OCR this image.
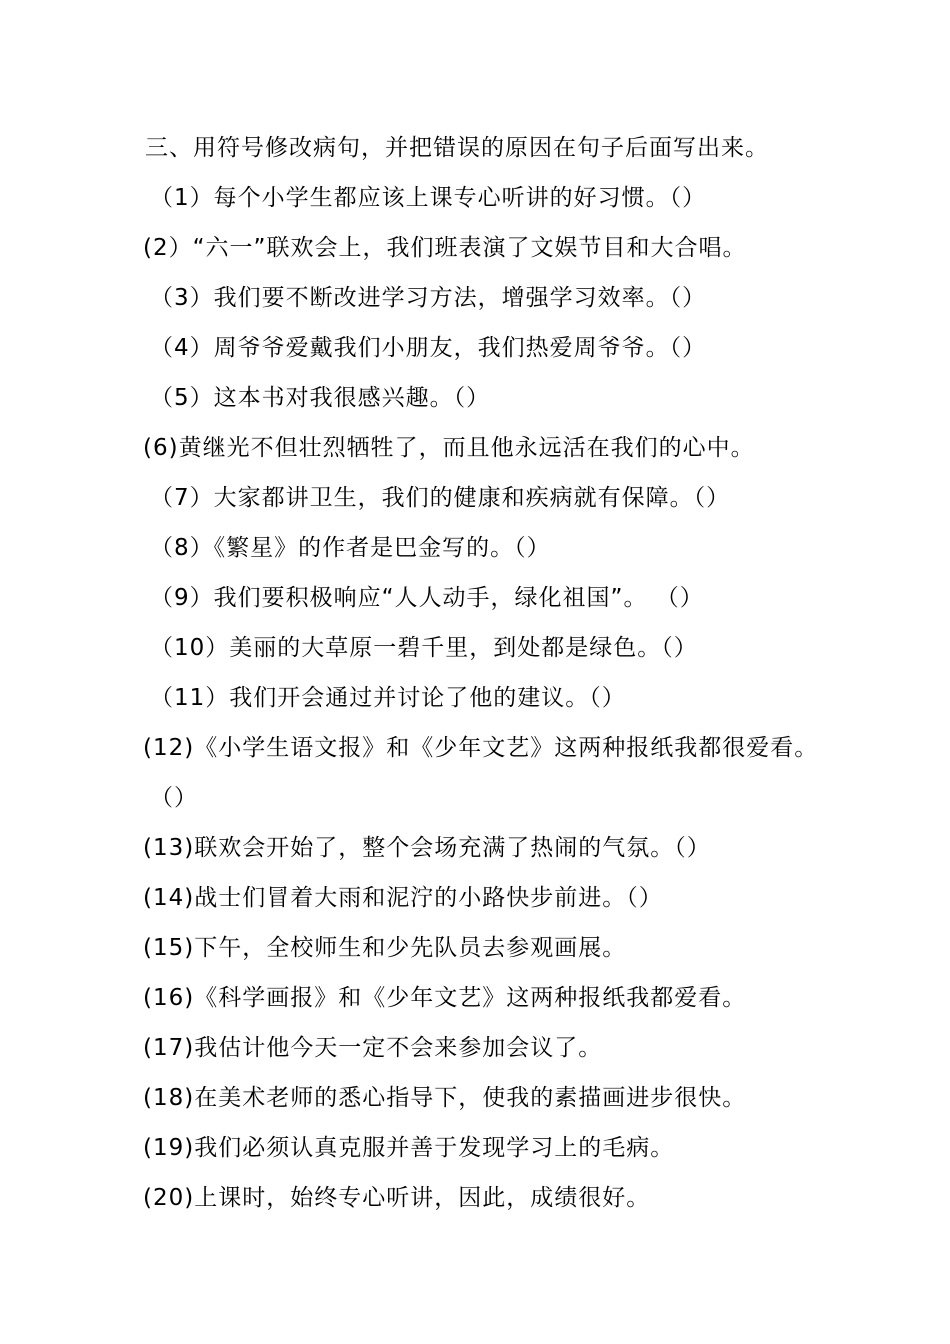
三、用符号修改病句，并把错误的原因在句子后面写出来。
（1）每个小学生都应该上课专心听讲的好习惯。（）
(2）“六一”联欢会上，我们班表演了文娱节目和大合唱。
（3）我们要不断改进学习方法，增强学习效率。（）
（4）周爷爷爱戴我们小朋友，我们热爱周爷爷。（）
（5）这本书对我很感兴趣。（）
(6)黄继光不但壮烈牺牲了，而且他永远活在我们的心中。
（7）大家都讲卫生，我们的健康和疾病就有保障。（）
（8）《繁星》的作者是巴金写的。（）
（9）我们要积极响应“人人动手，绿化祖国”。 （）
（10）美丽的大草原一碧千里，到处都是绿色。（）
（11）我们开会通过并讨论了他的建议。（）
(12)《小学生语文报》和《少年文艺》这两种报纸我都很爱看。
（）
(13)联欢会开始了，整个会场充满了热闹的气氛。（）
(14)战士们冒着大雨和泥泞的小路快步前进。（）
(15)下午，全校师生和少先队员去参观画展。
(16)《科学画报》和《少年文艺》这两种报纸我都爱看。
(17)我估计他今天一定不会来参加会议了。
(18)在美术老师的悉心指导下，使我的素描画进步很快。
(19)我们必须认真克服并善于发现学习上的毛病。
(20)上课时，始终专心听讲，因此，成绩很好。
